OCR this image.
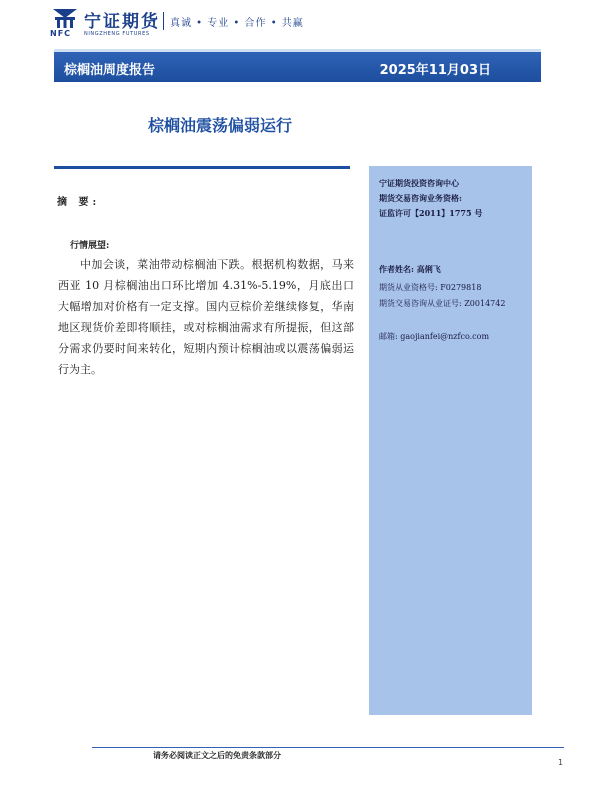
NFC
宁证期货
NINGZHENG FUTURES
真诚 • 专业 • 合作 • 共赢
棕榈油周度报告	2025年11月03日
棕榈油震荡偏弱运行
摘 要:
行情展望:
中加会谈，菜油带动棕榈油下跌。根据机构数据，马来西亚 10 月棕榈油出口环比增加 4.31%-5.19%，月底出口大幅增加对价格有一定支撑。国内豆棕价差继续修复，华南地区现货价差即将顺挂，或对棕榈油需求有所提振，但这部分需求仍要时间来转化，短期内预计棕榈油或以震荡偏弱运行为主。
宁证期货投资咨询中心
期货交易咨询业务资格:
证监许可【2011】1775 号
作者姓名: 高俐飞
期货从业资格号: F0279818
期货交易咨询从业证号: Z0014742
邮箱: gaojianfei@nzfco.com
请务必阅读正文之后的免责条款部分
1
